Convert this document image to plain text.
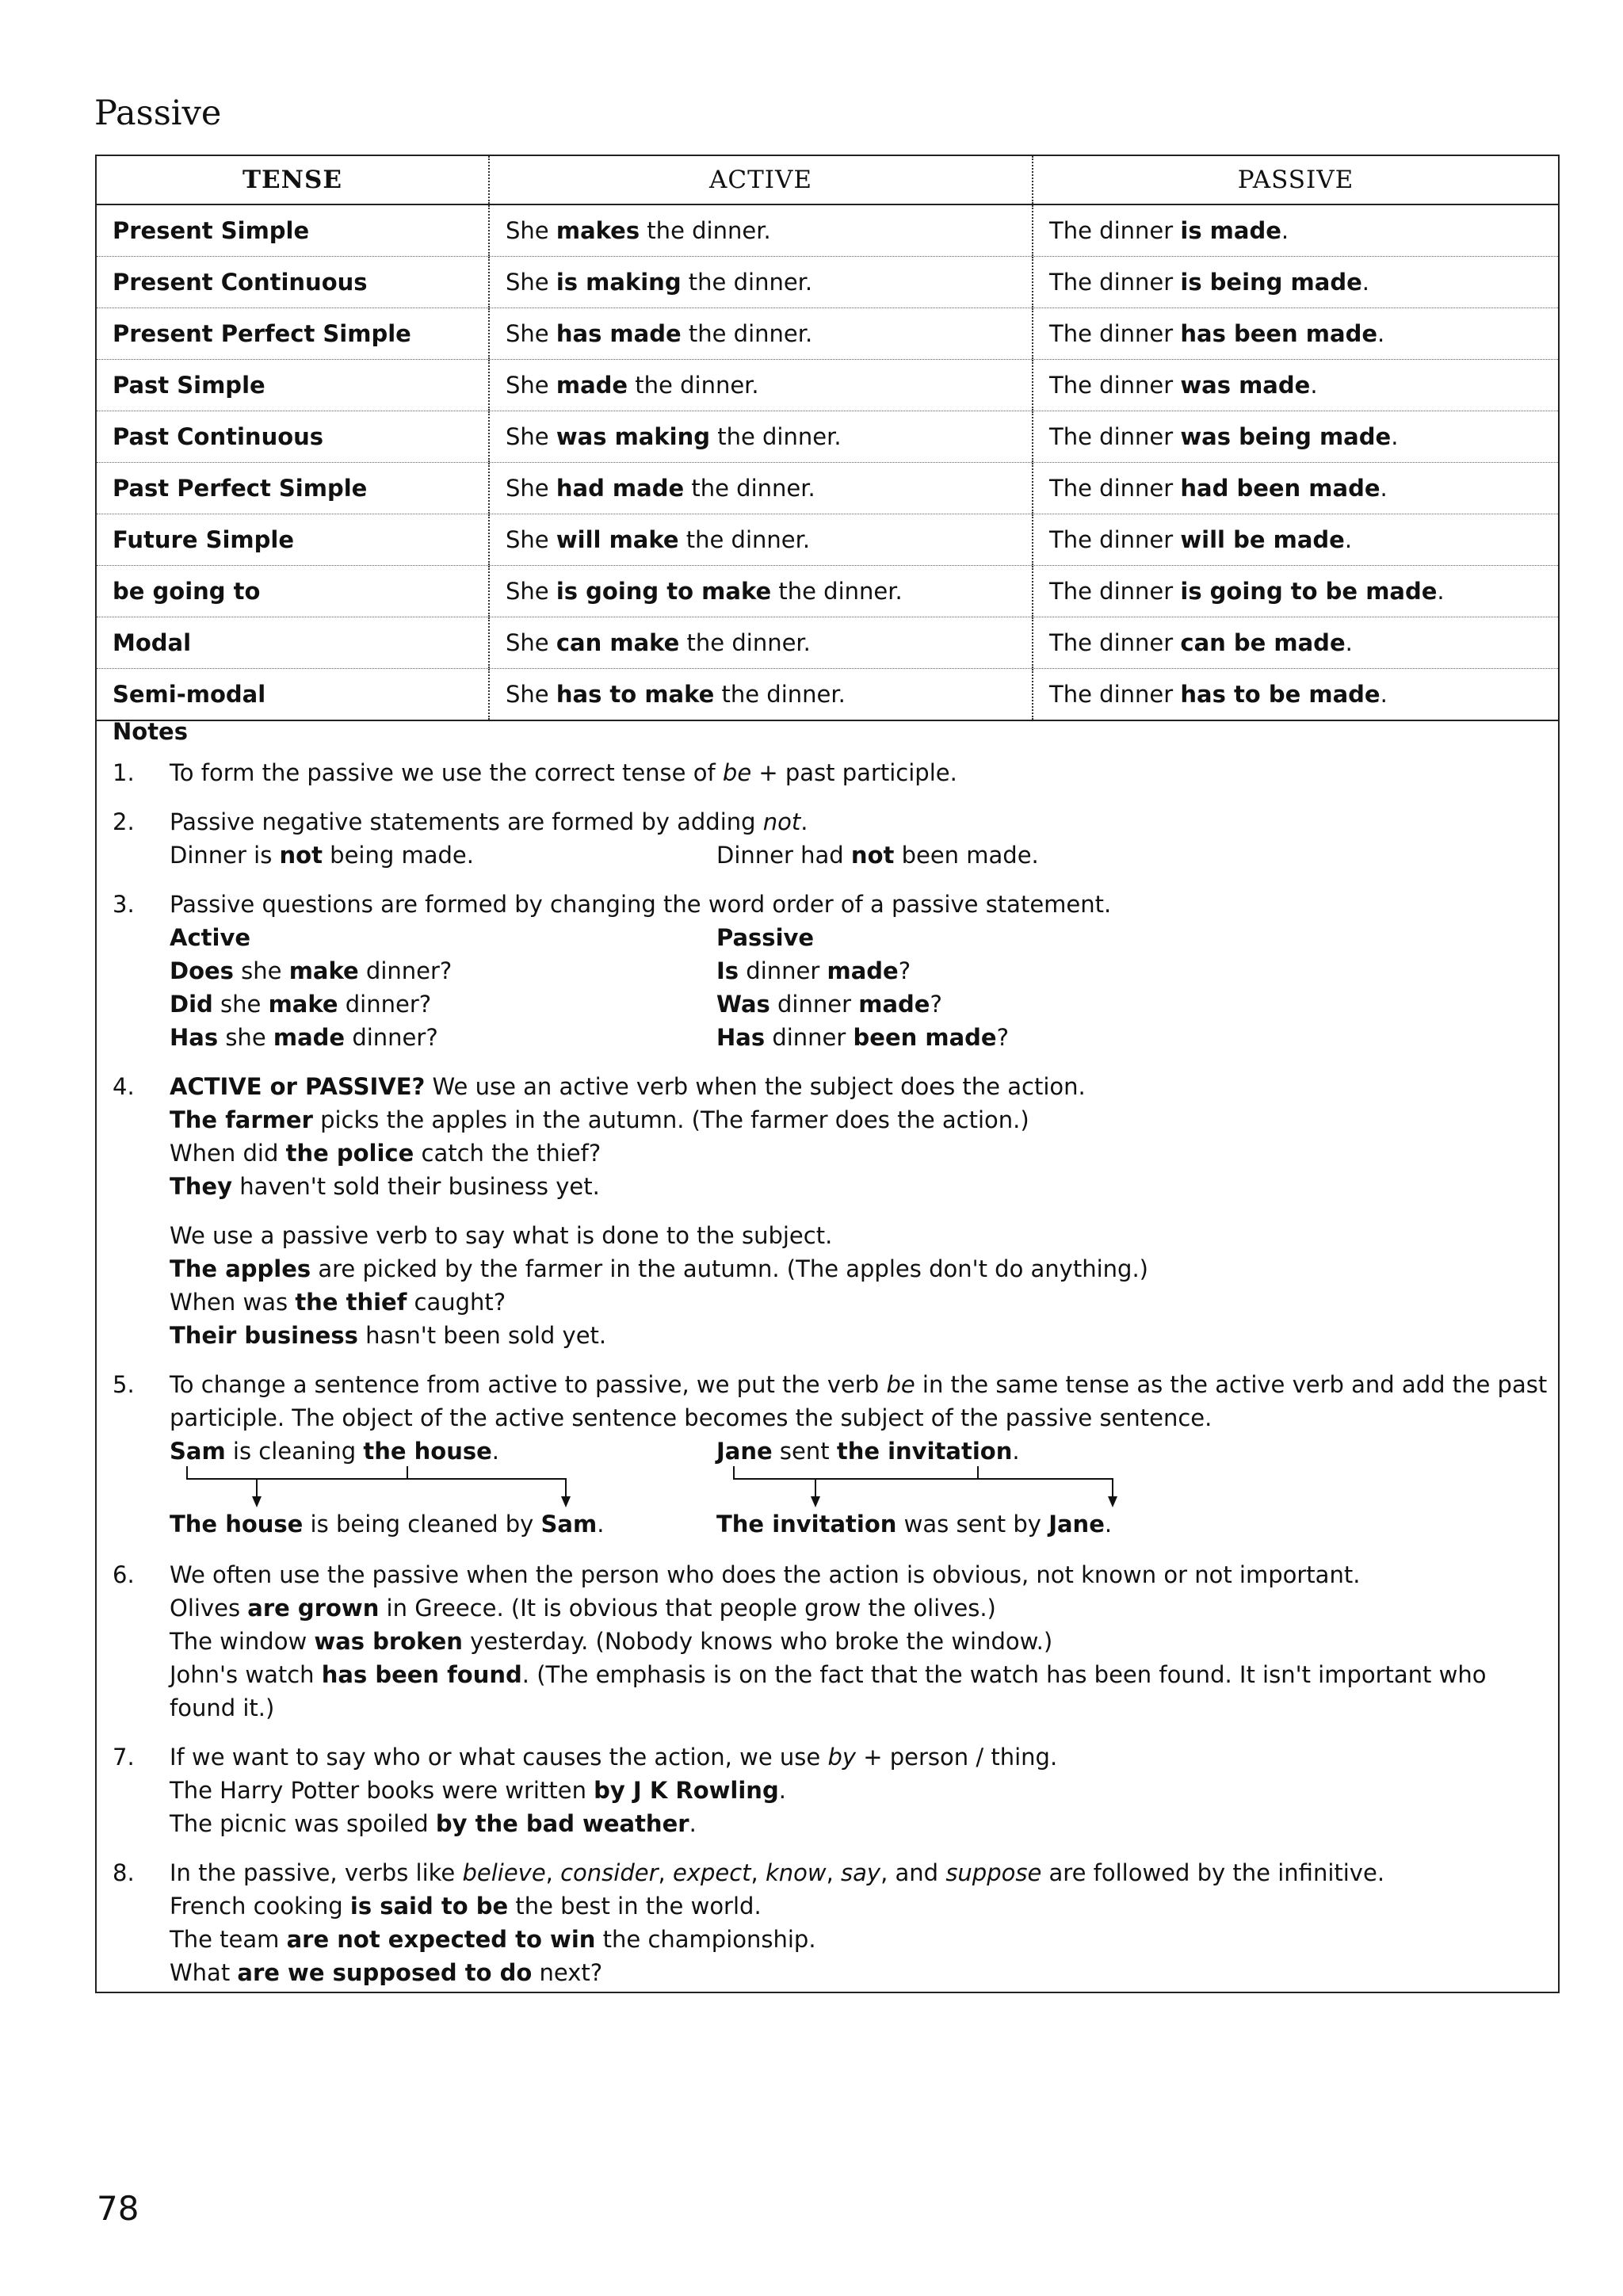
Passive
TENSE	ACTIVE	PASSIVE
Present Simple	She makes the dinner.	The dinner is made.
Present Continuous	She is making the dinner.	The dinner is being made.
Present Perfect Simple	She has made the dinner.	The dinner has been made.
Past Simple	She made the dinner.	The dinner was made.
Past Continuous	She was making the dinner.	The dinner was being made.
Past Perfect Simple	She had made the dinner.	The dinner had been made.
Future Simple	She will make the dinner.	The dinner will be made.
be going to	She is going to make the dinner.	The dinner is going to be made.
Modal	She can make the dinner.	The dinner can be made.
Semi-modal	She has to make the dinner.	The dinner has to be made.
Notes
1. To form the passive we use the correct tense of be + past participle.
2. Passive negative statements are formed by adding not.
Dinner is not being made.	Dinner had not been made.
3. Passive questions are formed by changing the word order of a passive statement.
Active	Passive
Does she make dinner?	Is dinner made?
Did she make dinner?	Was dinner made?
Has she made dinner?	Has dinner been made?
4. ACTIVE or PASSIVE? We use an active verb when the subject does the action.
The farmer picks the apples in the autumn. (The farmer does the action.)
When did the police catch the thief?
They haven't sold their business yet.
We use a passive verb to say what is done to the subject.
The apples are picked by the farmer in the autumn. (The apples don't do anything.)
When was the thief caught?
Their business hasn't been sold yet.
5. To change a sentence from active to passive, we put the verb be in the same tense as the active verb and add the past
participle. The object of the active sentence becomes the subject of the passive sentence.
Sam is cleaning the house.	Jane sent the invitation.
The house is being cleaned by Sam.	The invitation was sent by Jane.
6. We often use the passive when the person who does the action is obvious, not known or not important.
Olives are grown in Greece. (It is obvious that people grow the olives.)
The window was broken yesterday. (Nobody knows who broke the window.)
John's watch has been found. (The emphasis is on the fact that the watch has been found. It isn't important who
found it.)
7. If we want to say who or what causes the action, we use by + person / thing.
The Harry Potter books were written by J K Rowling.
The picnic was spoiled by the bad weather.
8. In the passive, verbs like believe, consider, expect, know, say, and suppose are followed by the infinitive.
French cooking is said to be the best in the world.
The team are not expected to win the championship.
What are we supposed to do next?
78
